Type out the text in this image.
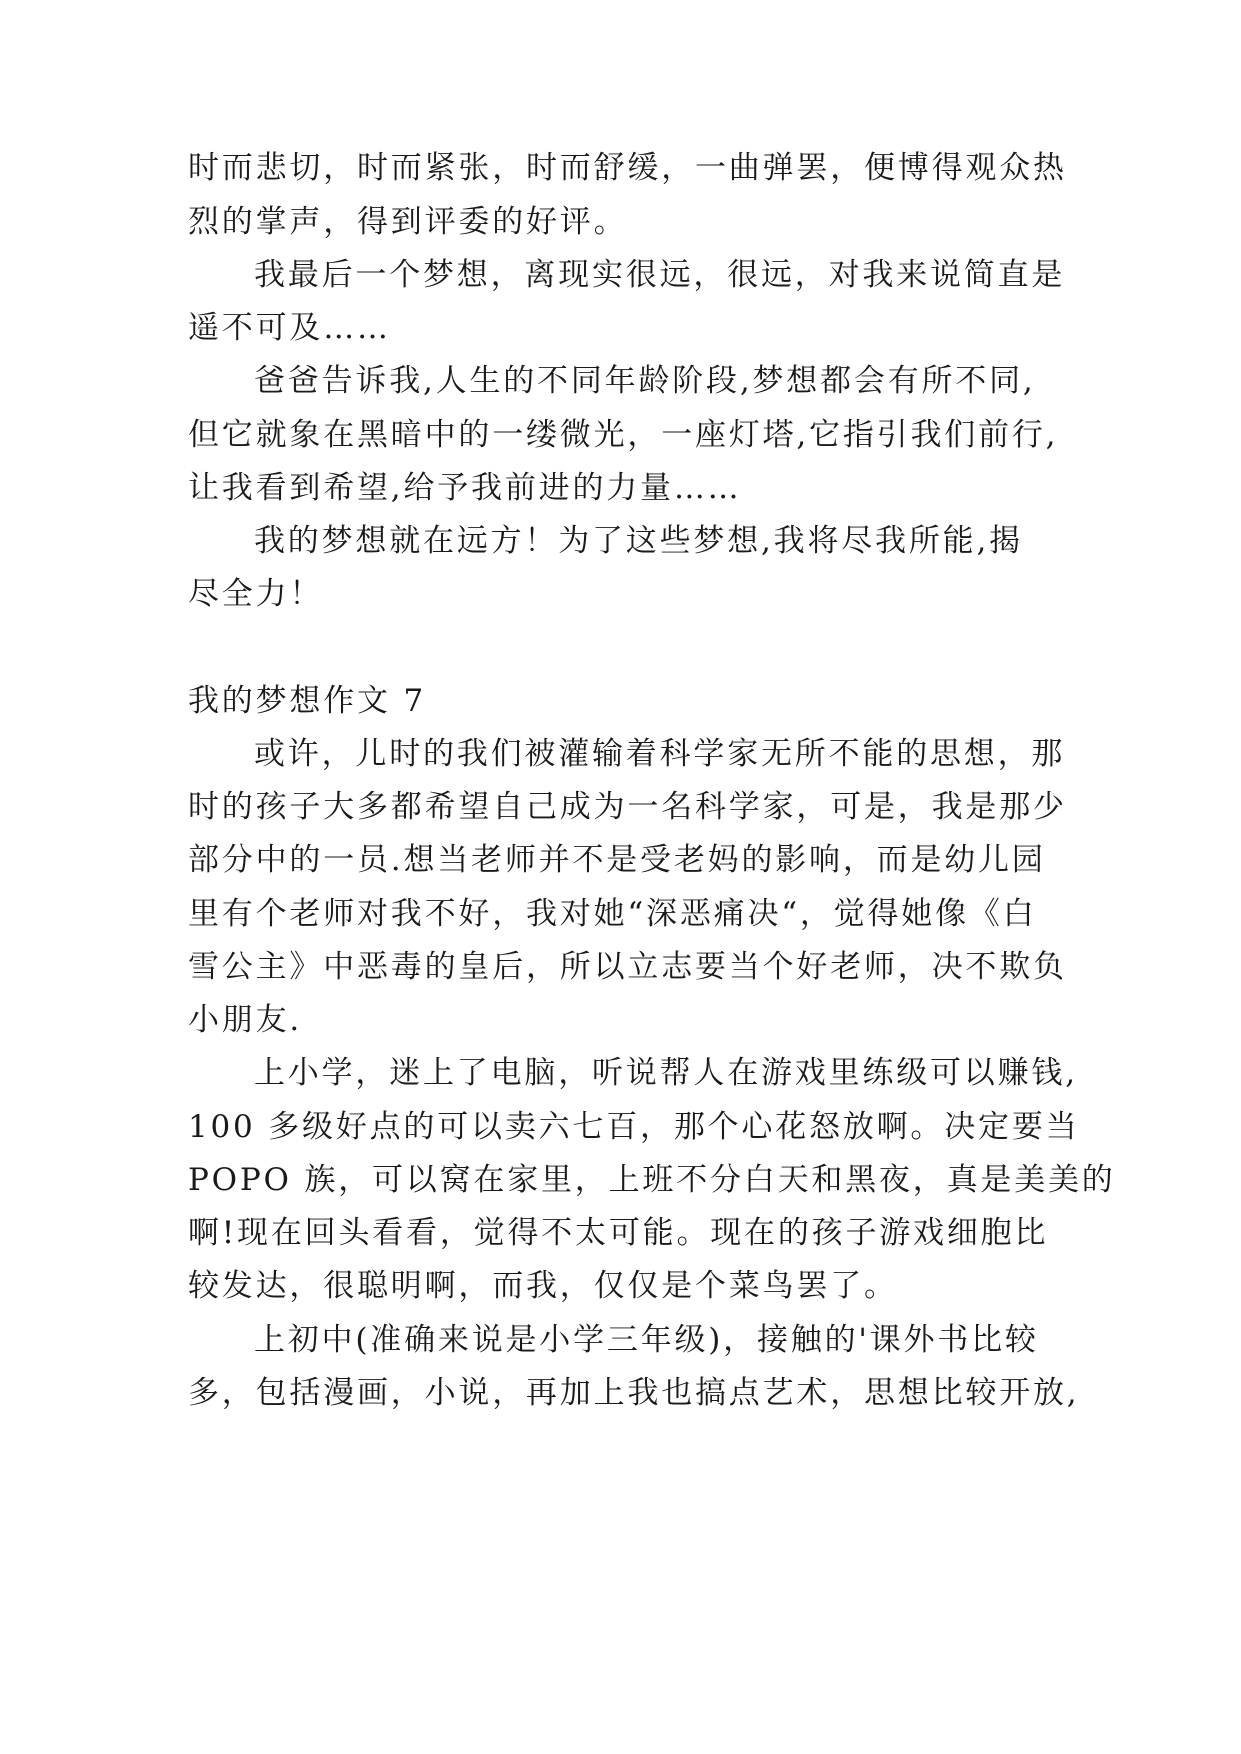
时而悲切，时而紧张，时而舒缓，一曲弹罢，便博得观众热
烈的掌声，得到评委的好评。
我最后一个梦想，离现实很远，很远，对我来说简直是
遥不可及……
爸爸告诉我,人生的不同年龄阶段,梦想都会有所不同,
但它就象在黑暗中的一缕微光，一座灯塔,它指引我们前行,
让我看到希望,给予我前进的力量……
我的梦想就在远方！为了这些梦想,我将尽我所能,揭
尽全力！
我的梦想作文 7
或许，儿时的我们被灌输着科学家无所不能的思想，那
时的孩子大多都希望自己成为一名科学家，可是，我是那少
部分中的一员.想当老师并不是受老妈的影响，而是幼儿园
里有个老师对我不好，我对她“深恶痛决“，觉得她像《白
雪公主》中恶毒的皇后，所以立志要当个好老师，决不欺负
小朋友.
上小学，迷上了电脑，听说帮人在游戏里练级可以赚钱,
100 多级好点的可以卖六七百，那个心花怒放啊。决定要当
POPO 族，可以窝在家里，上班不分白天和黑夜，真是美美的
啊!现在回头看看，觉得不太可能。现在的孩子游戏细胞比
较发达，很聪明啊，而我，仅仅是个菜鸟罢了。
上初中(准确来说是小学三年级)，接触的'课外书比较
多，包括漫画，小说，再加上我也搞点艺术，思想比较开放,
